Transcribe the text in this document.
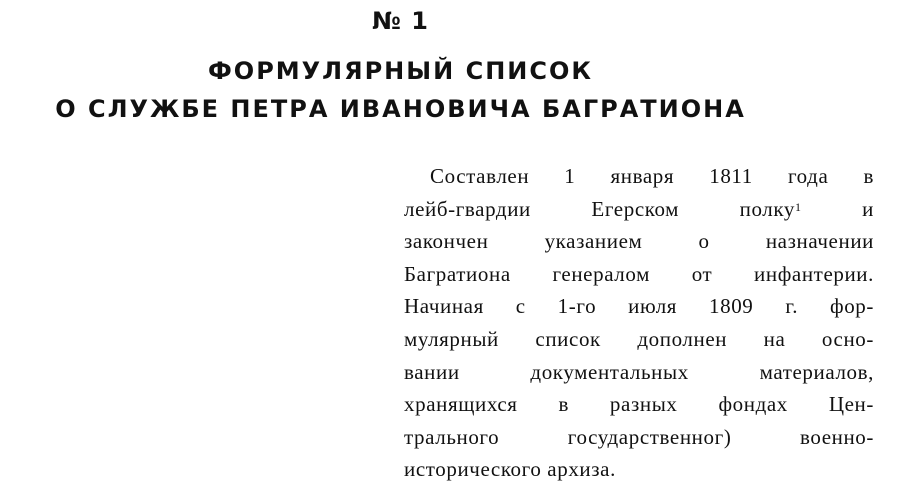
№ 1
ФОРМУЛЯРНЫЙ СПИСОК
О СЛУЖБЕ ПЕТРА ИВАНОВИЧА БАГРАТИОНА
Составлен 1 января 1811 года в
лейб-гвардии Егерском полку$^1$	и
закончен указанием о назначении
Багратиона генералом от инфантерии.
Начиная с 1-го июля 1809 г. фор-
мулярный список дополнен на осно-
вании документальных материалов,
хранящихся в разных фондах Цен-
трального государственног) военно-
исторического архиза.
